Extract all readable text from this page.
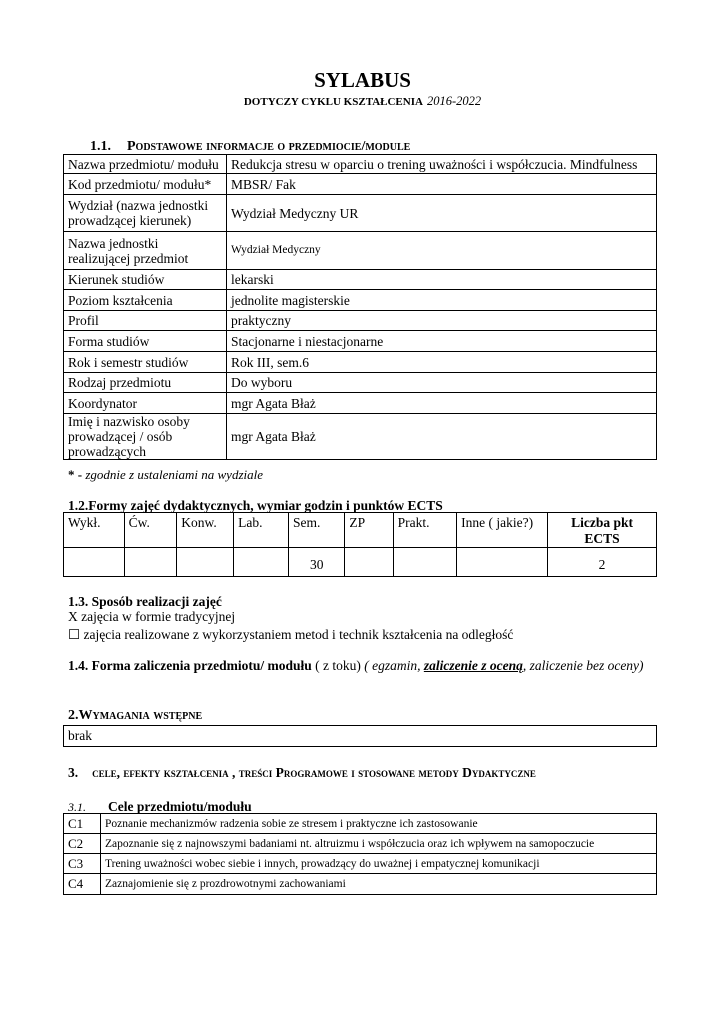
SYLABUS
DOTYCZY CYKLU KSZTAŁCENIA 2016-2022
1.1. Podstawowe informacje o przedmiocie/module
Nazwa przedmiotu/ modułu	Redukcja stresu w oparciu o trening uważności i współczucia. Mindfulness
Kod przedmiotu/ modułu*	MBSR/ Fak
Wydział (nazwa jednostki prowadzącej kierunek)	Wydział Medyczny UR
Nazwa jednostki realizującej przedmiot	Wydział Medyczny
Kierunek studiów	lekarski
Poziom kształcenia	jednolite magisterskie
Profil	praktyczny
Forma studiów	Stacjonarne i niestacjonarne
Rok i semestr studiów	Rok III, sem.6
Rodzaj przedmiotu	Do wyboru
Koordynator	mgr Agata Błaż
Imię i nazwisko osoby prowadzącej / osób prowadzących	mgr Agata Błaż
* - zgodnie z ustaleniami na wydziale
1.2.Formy zajęć dydaktycznych, wymiar godzin i punktów ECTS
Wykł.	Ćw.	Konw.	Lab.	Sem.	ZP	Prakt.	Inne ( jakie?)	Liczba pkt ECTS
				30				2
1.3. Sposób realizacji zajęć
X zajęcia w formie tradycyjnej
☐ zajęcia realizowane z wykorzystaniem metod i technik kształcenia na odległość
1.4. Forma zaliczenia przedmiotu/ modułu ( z toku) ( egzamin, zaliczenie z oceną, zaliczenie bez oceny)
2.Wymagania wstępne
brak
3. cele, efekty kształcenia , treści Programowe i stosowane metody Dydaktyczne
3.1. Cele przedmiotu/modułu
C1	Poznanie mechanizmów radzenia sobie ze stresem i praktyczne ich zastosowanie
C2	Zapoznanie się z najnowszymi badaniami nt. altruizmu i współczucia oraz ich wpływem na samopoczucie
C3	Trening uważności wobec siebie i innych, prowadzący do uważnej i empatycznej komunikacji
C4	Zaznajomienie się z prozdrowotnymi zachowaniami
